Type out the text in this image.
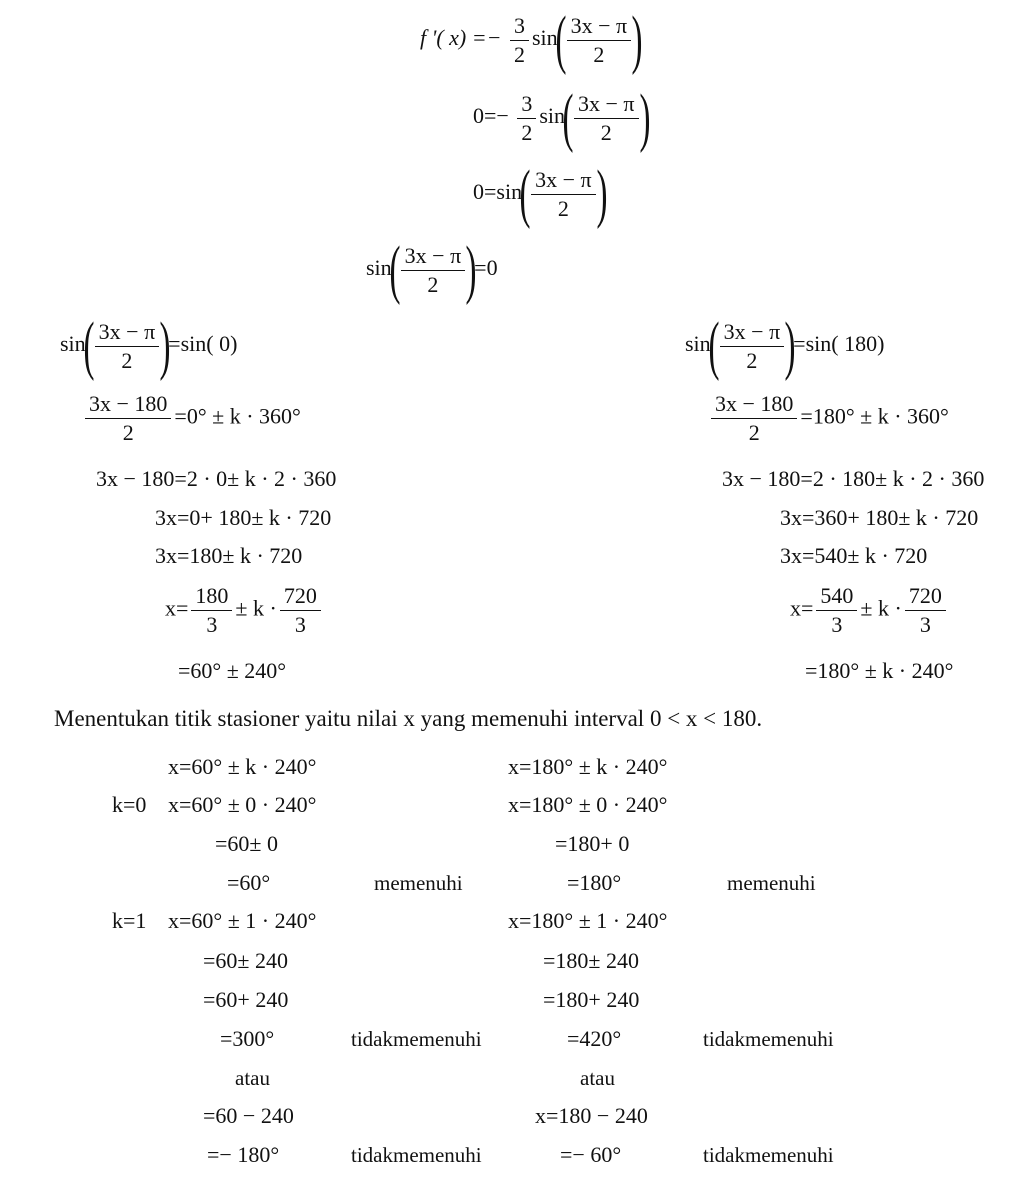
f '( $x) =- \frac{3}{2} \sin( \frac{3x - \pi}{2}$ )
$0=- \frac{3}{2} \sin( \frac{3x - \pi}{2}$ )
$0=\sin( \frac{3x - \pi}{2}$ )
$\sin( \frac{3x - \pi}{2} )=0$
$\sin( \frac{3x - \pi}{2} )=\sin$( 0)
$\frac{3x - 180}{2} =0^\circ \pm k \cdot 360^\circ$
3x − 180=2 · 0± k · 2 · 360
3x=0+ 180± k · 720
3x=180± k · 720
$x= \frac{180}{3} \pm k \cdot \frac{720}{3}$
=60° ± 240°
$\sin( \frac{3x - \pi}{2} )=\sin$( 180)
$\frac{3x - 180}{2} =180^\circ \pm k \cdot 360^\circ$
3x − 180=2 · 180± k · 2 · 360
3x=360+ 180± k · 720
3x=540± k · 720
$x= \frac{540}{3} \pm k \cdot \frac{720}{3}$
=180° ± k · 240°
Menentukan titik stasioner yaitu nilai x yang memenuhi interval 0 < x < 180.
x=60° ± k · 240°	x=180° ± k · 240°
k=0 x=60° ± 0 · 240°	x=180° ± 0 · 240°
=60± 0	=180+ 0
=60°	memenuhi	=180°	memenuhi
k=1 x=60° ± 1 · 240°	x=180° ± 1 · 240°
=60± 240	=180± 240
=60+ 240	=180+ 240
=300°	tidakmemenuhi	=420°	tidakmemenuhi
atau	atau
=60 − 240	x=180 − 240
=− 180°	tidakmemenuhi	=− 60°	tidakmemenuhi
